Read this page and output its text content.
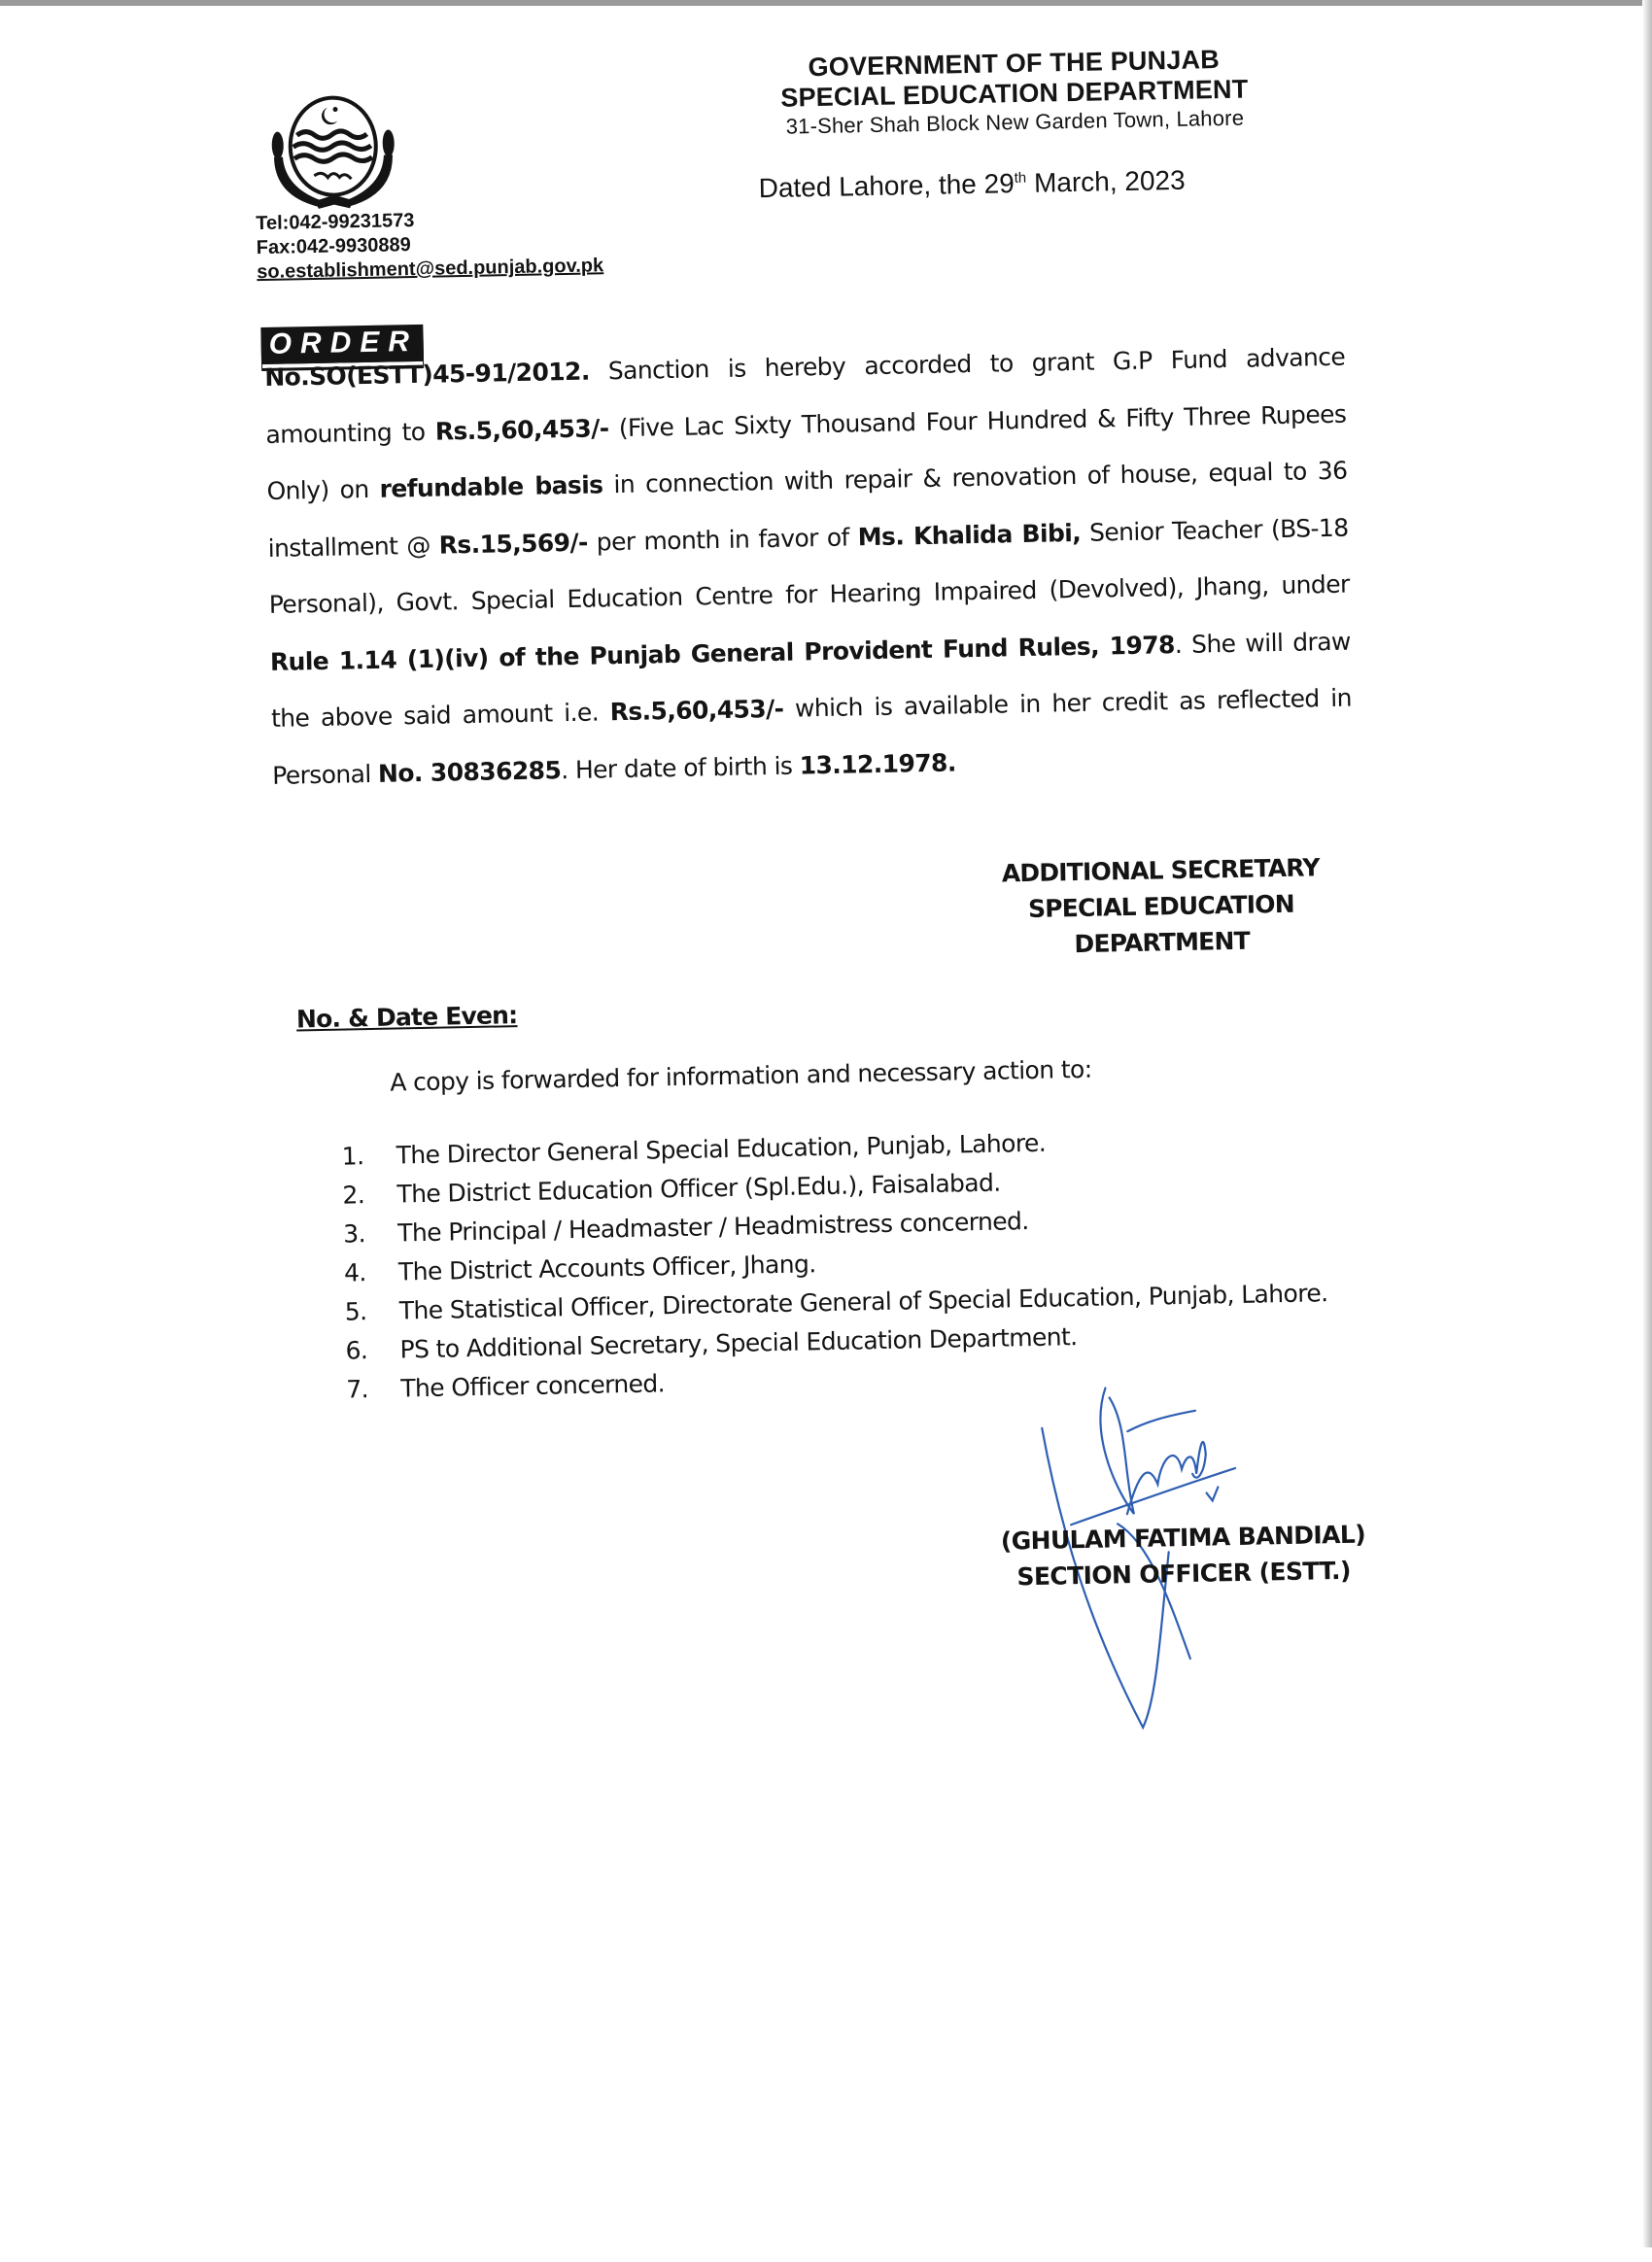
Tel:042-99231573
Fax:042-9930889
so.establishment@sed.punjab.gov.pk
GOVERNMENT OF THE PUNJAB
SPECIAL EDUCATION DEPARTMENT
31-Sher Shah Block New Garden Town, Lahore
Dated Lahore, the 29th March, 2023
ORDER
No.SO(ESTT)45-91/2012. Sanction is hereby accorded to grant G.P Fund advance amounting to Rs.5,60,453/- (Five Lac Sixty Thousand Four Hundred & Fifty Three Rupees Only) on refundable basis in connection with repair & renovation of house, equal to 36 installment @ Rs.15,569/- per month in favor of Ms. Khalida Bibi, Senior Teacher (BS-18 Personal), Govt. Special Education Centre for Hearing Impaired (Devolved), Jhang, under Rule 1.14 (1)(iv) of the Punjab General Provident Fund Rules, 1978. She will draw the above said amount i.e. Rs.5,60,453/- which is available in her credit as reflected in Personal No. 30836285. Her date of birth is 13.12.1978.
ADDITIONAL SECRETARY
SPECIAL EDUCATION
DEPARTMENT
No. & Date Even:
A copy is forwarded for information and necessary action to:
1.	The Director General Special Education, Punjab, Lahore.
2.	The District Education Officer (Spl.Edu.), Faisalabad.
3.	The Principal / Headmaster / Headmistress concerned.
4.	The District Accounts Officer, Jhang.
5.	The Statistical Officer, Directorate General of Special Education, Punjab, Lahore.
6.	PS to Additional Secretary, Special Education Department.
7.	The Officer concerned.
(GHULAM FATIMA BANDIAL)
SECTION OFFICER (ESTT.)
